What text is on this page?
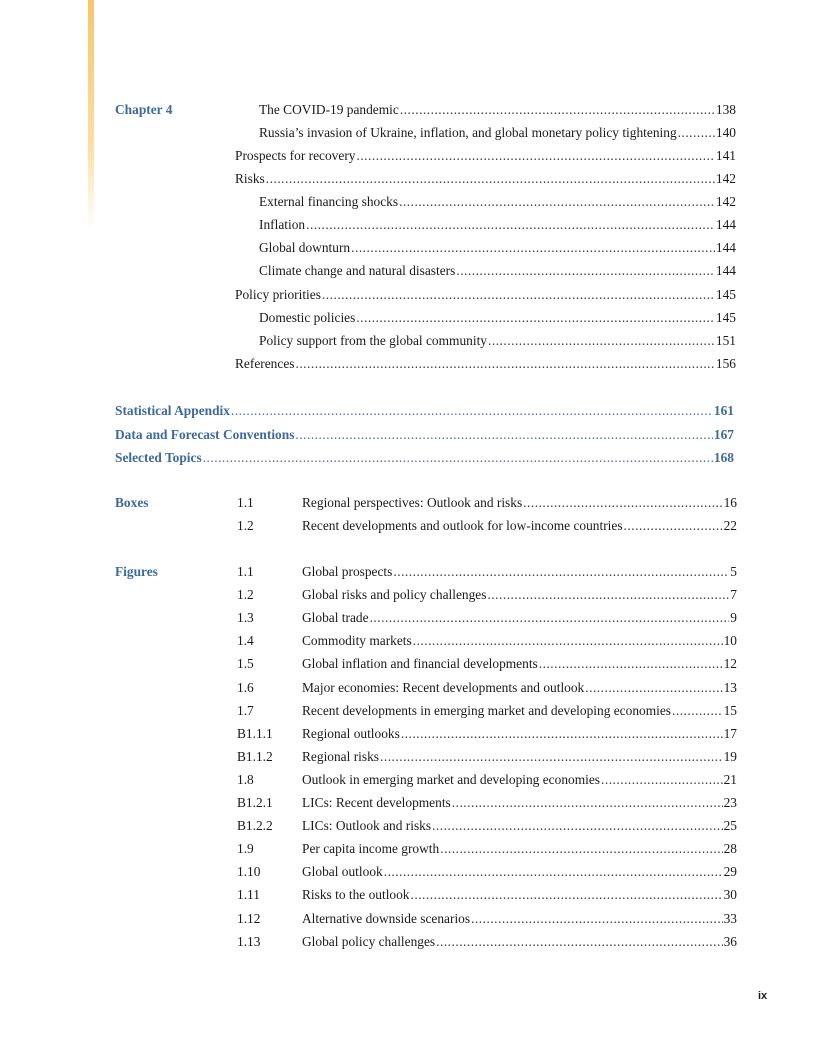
Chapter 4	The COVID-19 pandemic .....	138
Russia’s invasion of Ukraine, inflation, and global monetary policy tightening .....	140
Prospects for recovery .....	141
Risks .....	142
External financing shocks .....	142
Inflation .....	144
Global downturn .....	144
Climate change and natural disasters .....	144
Policy priorities .....	145
Domestic policies .....	145
Policy support from the global community .....	151
References .....	156
Statistical Appendix .....	161
Data and Forecast Conventions .....	167
Selected Topics .....	168
Boxes	1.1	Regional perspectives: Outlook and risks .....	16
1.2	Recent developments and outlook for low-income countries .....	22
Figures	1.1	Global prospects .....	5
1.2	Global risks and policy challenges .....	7
1.3	Global trade .....	9
1.4	Commodity markets .....	10
1.5	Global inflation and financial developments .....	12
1.6	Major economies: Recent developments and outlook .....	13
1.7	Recent developments in emerging market and developing economies .....	15
B1.1.1 Regional outlooks .....	17
B1.1.2 Regional risks .....	19
1.8	Outlook in emerging market and developing economies .....	21
B1.2.1 LICs: Recent developments .....	23
B1.2.2 LICs: Outlook and risks .....	25
1.9	Per capita income growth .....	28
1.10	Global outlook .....	29
1.11	Risks to the outlook .....	30
1.12	Alternative downside scenarios .....	33
1.13	Global policy challenges .....	36
ix
